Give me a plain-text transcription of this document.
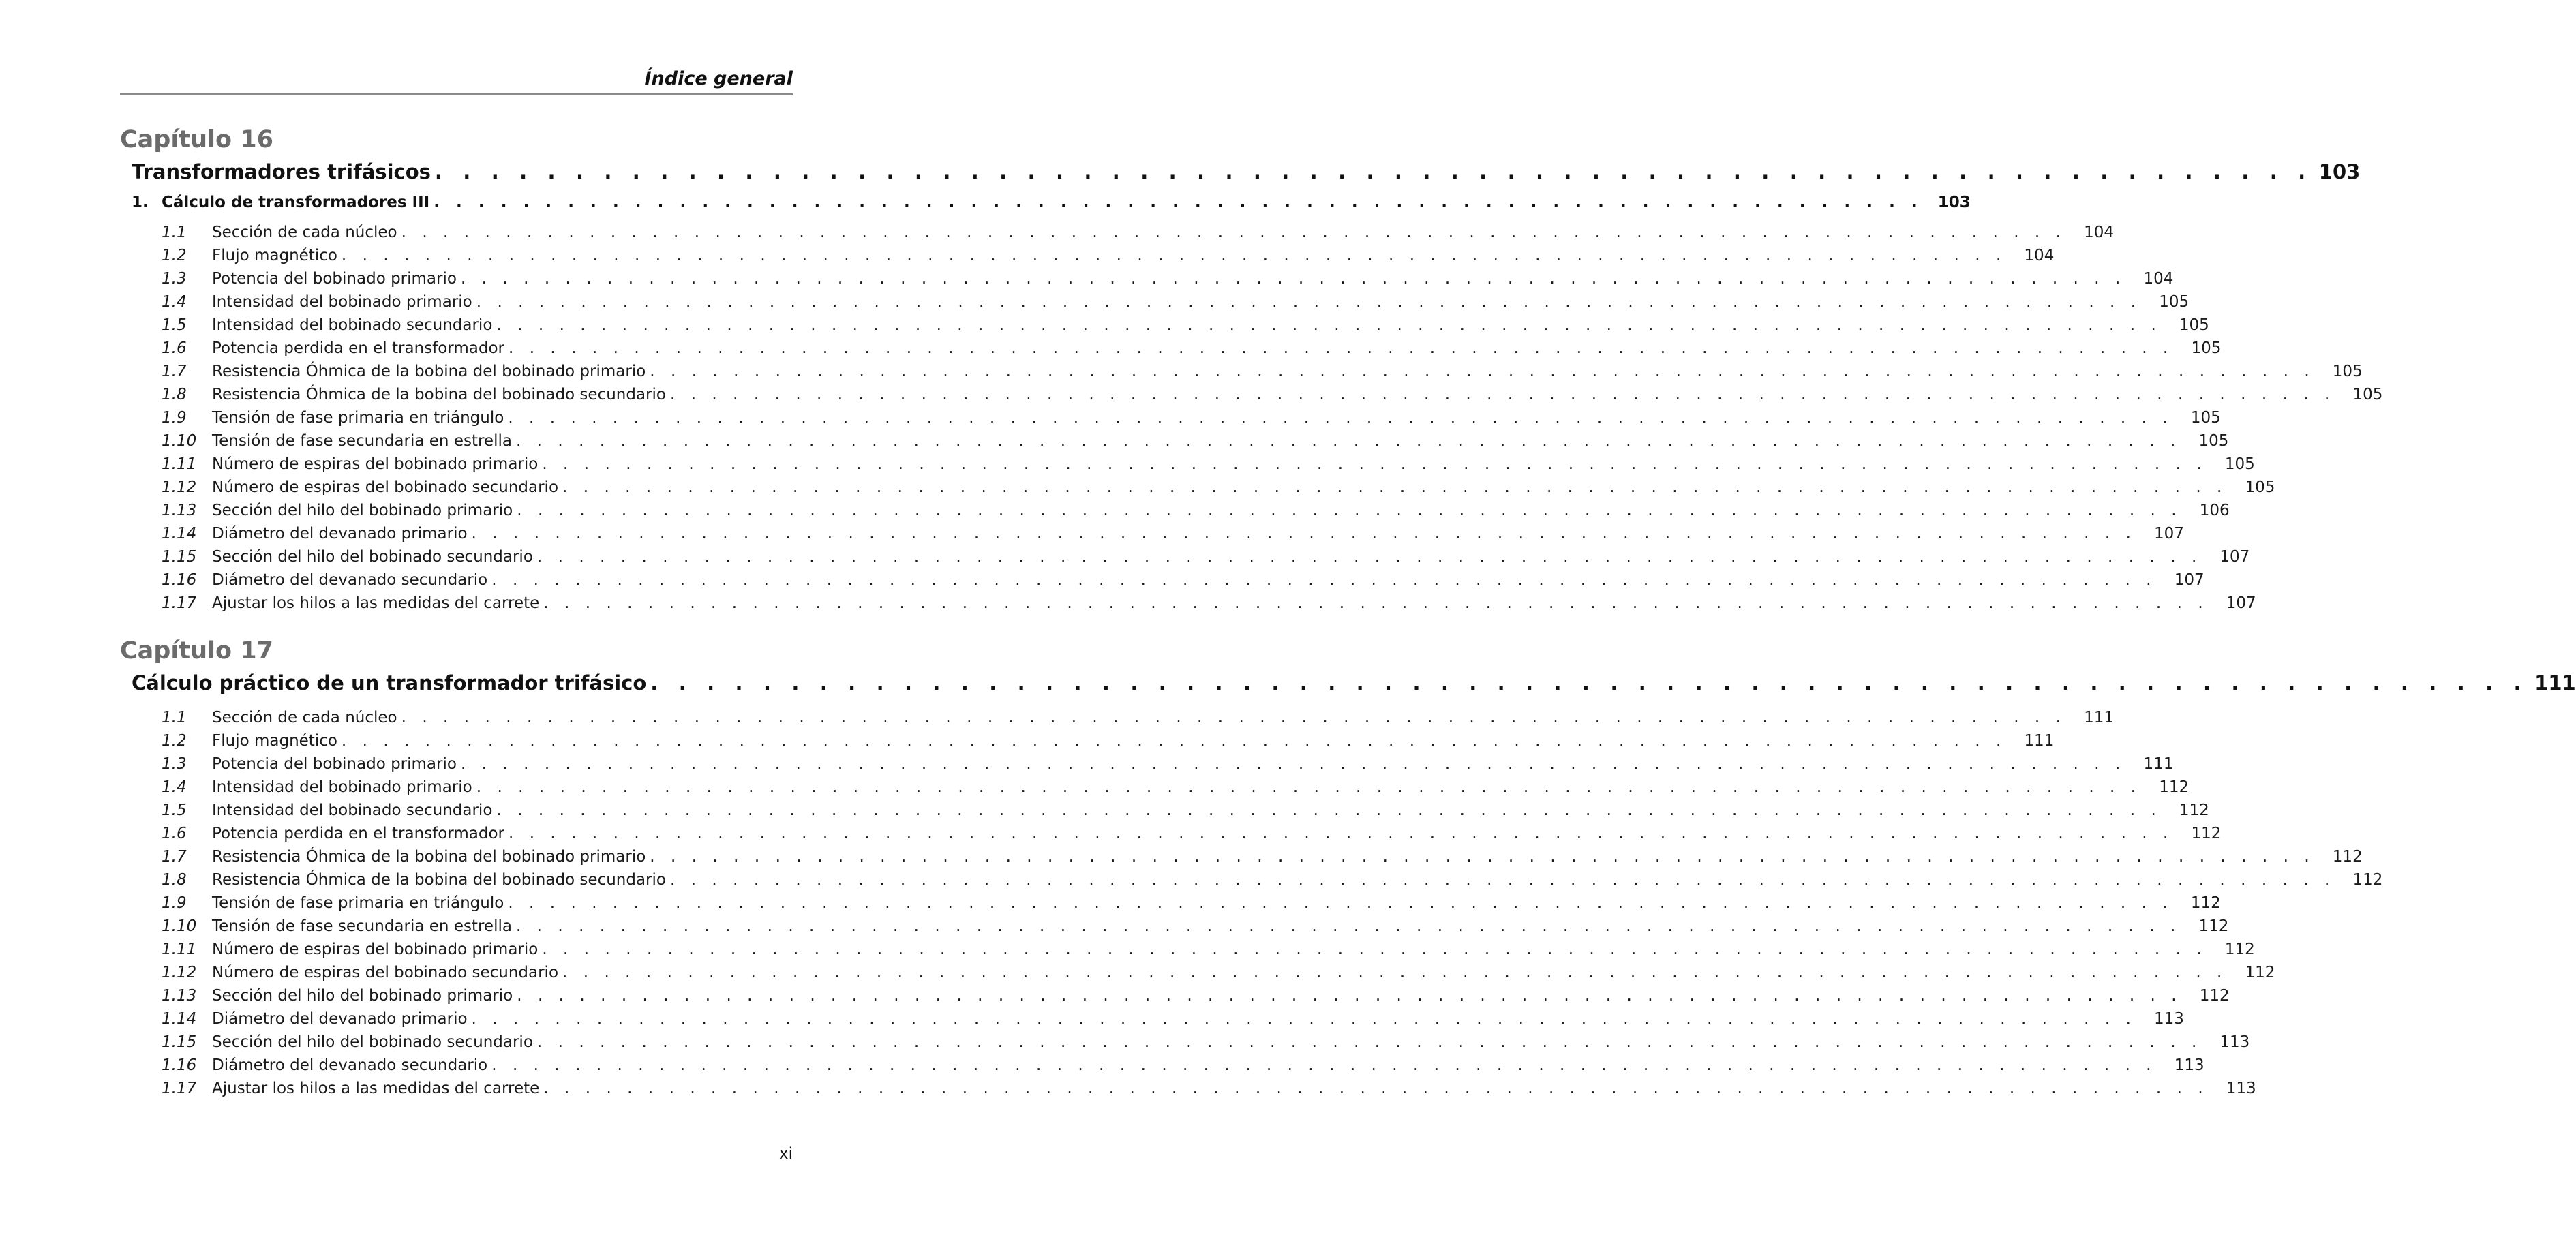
Índice general
Capítulo 16
Transformadores trifásicos . . . . . . . . . . . . . . . . . . . . . . . . . . . . . . . . . . . . . . . . . . . . . . . . . . . . . . . . . . . . . . . . . . . 103
1. Cálculo de transformadores III . . . . . . . . . . . . . . . . . . . . . . . . . . . . . . . . . . . . . . . . . . . . . . . . . . . . . . . . . . . . . . . . . . . 103
1.1 Sección de cada núcleo . . . . . . . . . . . . . . . . . . . . . . . . . . . . . . . . . . . . . . . . . . . . . . . . . . . . . . . . . . . . . . . . . . . . . . . . . . . . . . . .	104
1.2 Flujo magnético . . . . . . . . . . . . . . . . . . . . . . . . . . . . . . . . . . . . . . . . . . . . . . . . . . . . . . . . . . . . . . . . . . . . . . . . . . . . . . . .	104
1.3 Potencia del bobinado primario . . . . . . . . . . . . . . . . . . . . . . . . . . . . . . . . . . . . . . . . . . . . . . . . . . . . . . . . . . . . . . . . . . . . . . . . . . . . . . . .	104
1.4 Intensidad del bobinado primario . . . . . . . . . . . . . . . . . . . . . . . . . . . . . . . . . . . . . . . . . . . . . . . . . . . . . . . . . . . . . . . . . . . . . . . . . . . . . . . .	105
1.5 Intensidad del bobinado secundario . . . . . . . . . . . . . . . . . . . . . . . . . . . . . . . . . . . . . . . . . . . . . . . . . . . . . . . . . . . . . . . . . . . . . . . . . . . . . . . .	105
1.6 Potencia perdida en el transformador . . . . . . . . . . . . . . . . . . . . . . . . . . . . . . . . . . . . . . . . . . . . . . . . . . . . . . . . . . . . . . . . . . . . . . . . . . . . . . . .	105
1.7 Resistencia Óhmica de la bobina del bobinado primario . . . . . . . . . . . . . . . . . . . . . . . . . . . . . . . . . . . . . . . . . . . . . . . . . . . . . . . . . . . . . . . . . . . . . . . . . . . . . . . .	105
1.8 Resistencia Óhmica de la bobina del bobinado secundario . . . . . . . . . . . . . . . . . . . . . . . . . . . . . . . . . . . . . . . . . . . . . . . . . . . . . . . . . . . . . . . . . . . . . . . . . . . . . . . .	105
1.9 Tensión de fase primaria en triángulo . . . . . . . . . . . . . . . . . . . . . . . . . . . . . . . . . . . . . . . . . . . . . . . . . . . . . . . . . . . . . . . . . . . . . . . . . . . . . . . .	105
1.10 Tensión de fase secundaria en estrella . . . . . . . . . . . . . . . . . . . . . . . . . . . . . . . . . . . . . . . . . . . . . . . . . . . . . . . . . . . . . . . . . . . . . . . . . . . . . . . .	105
1.11 Número de espiras del bobinado primario . . . . . . . . . . . . . . . . . . . . . . . . . . . . . . . . . . . . . . . . . . . . . . . . . . . . . . . . . . . . . . . . . . . . . . . . . . . . . . . .	105
1.12 Número de espiras del bobinado secundario . . . . . . . . . . . . . . . . . . . . . . . . . . . . . . . . . . . . . . . . . . . . . . . . . . . . . . . . . . . . . . . . . . . . . . . . . . . . . . . .	105
1.13 Sección del hilo del bobinado primario . . . . . . . . . . . . . . . . . . . . . . . . . . . . . . . . . . . . . . . . . . . . . . . . . . . . . . . . . . . . . . . . . . . . . . . . . . . . . . . .	106
1.14 Diámetro del devanado primario . . . . . . . . . . . . . . . . . . . . . . . . . . . . . . . . . . . . . . . . . . . . . . . . . . . . . . . . . . . . . . . . . . . . . . . . . . . . . . . .	107
1.15 Sección del hilo del bobinado secundario . . . . . . . . . . . . . . . . . . . . . . . . . . . . . . . . . . . . . . . . . . . . . . . . . . . . . . . . . . . . . . . . . . . . . . . . . . . . . . . .	107
1.16 Diámetro del devanado secundario . . . . . . . . . . . . . . . . . . . . . . . . . . . . . . . . . . . . . . . . . . . . . . . . . . . . . . . . . . . . . . . . . . . . . . . . . . . . . . . .	107
1.17 Ajustar los hilos a las medidas del carrete . . . . . . . . . . . . . . . . . . . . . . . . . . . . . . . . . . . . . . . . . . . . . . . . . . . . . . . . . . . . . . . . . . . . . . . . . . . . . . . .	107
Capítulo 17
Cálculo práctico de un transformador trifásico . . . . . . . . . . . . . . . . . . . . . . . . . . . . . . . . . . . . . . . . . . . . . . . . . . . . . . . . . . . . . . . . . . . 111
1.1 Sección de cada núcleo . . . . . . . . . . . . . . . . . . . . . . . . . . . . . . . . . . . . . . . . . . . . . . . . . . . . . . . . . . . . . . . . . . . . . . . . . . . . . . . .	111
1.2 Flujo magnético . . . . . . . . . . . . . . . . . . . . . . . . . . . . . . . . . . . . . . . . . . . . . . . . . . . . . . . . . . . . . . . . . . . . . . . . . . . . . . . .	111
1.3 Potencia del bobinado primario . . . . . . . . . . . . . . . . . . . . . . . . . . . . . . . . . . . . . . . . . . . . . . . . . . . . . . . . . . . . . . . . . . . . . . . . . . . . . . . .	111
1.4 Intensidad del bobinado primario . . . . . . . . . . . . . . . . . . . . . . . . . . . . . . . . . . . . . . . . . . . . . . . . . . . . . . . . . . . . . . . . . . . . . . . . . . . . . . . .	112
1.5 Intensidad del bobinado secundario . . . . . . . . . . . . . . . . . . . . . . . . . . . . . . . . . . . . . . . . . . . . . . . . . . . . . . . . . . . . . . . . . . . . . . . . . . . . . . . .	112
1.6 Potencia perdida en el transformador . . . . . . . . . . . . . . . . . . . . . . . . . . . . . . . . . . . . . . . . . . . . . . . . . . . . . . . . . . . . . . . . . . . . . . . . . . . . . . . .	112
1.7 Resistencia Óhmica de la bobina del bobinado primario . . . . . . . . . . . . . . . . . . . . . . . . . . . . . . . . . . . . . . . . . . . . . . . . . . . . . . . . . . . . . . . . . . . . . . . . . . . . . . . .	112
1.8 Resistencia Óhmica de la bobina del bobinado secundario . . . . . . . . . . . . . . . . . . . . . . . . . . . . . . . . . . . . . . . . . . . . . . . . . . . . . . . . . . . . . . . . . . . . . . . . . . . . . . . .	112
1.9 Tensión de fase primaria en triángulo . . . . . . . . . . . . . . . . . . . . . . . . . . . . . . . . . . . . . . . . . . . . . . . . . . . . . . . . . . . . . . . . . . . . . . . . . . . . . . . .	112
1.10 Tensión de fase secundaria en estrella . . . . . . . . . . . . . . . . . . . . . . . . . . . . . . . . . . . . . . . . . . . . . . . . . . . . . . . . . . . . . . . . . . . . . . . . . . . . . . . .	112
1.11 Número de espiras del bobinado primario . . . . . . . . . . . . . . . . . . . . . . . . . . . . . . . . . . . . . . . . . . . . . . . . . . . . . . . . . . . . . . . . . . . . . . . . . . . . . . . .	112
1.12 Número de espiras del bobinado secundario . . . . . . . . . . . . . . . . . . . . . . . . . . . . . . . . . . . . . . . . . . . . . . . . . . . . . . . . . . . . . . . . . . . . . . . . . . . . . . . .	112
1.13 Sección del hilo del bobinado primario . . . . . . . . . . . . . . . . . . . . . . . . . . . . . . . . . . . . . . . . . . . . . . . . . . . . . . . . . . . . . . . . . . . . . . . . . . . . . . . .	112
1.14 Diámetro del devanado primario . . . . . . . . . . . . . . . . . . . . . . . . . . . . . . . . . . . . . . . . . . . . . . . . . . . . . . . . . . . . . . . . . . . . . . . . . . . . . . . .	113
1.15 Sección del hilo del bobinado secundario . . . . . . . . . . . . . . . . . . . . . . . . . . . . . . . . . . . . . . . . . . . . . . . . . . . . . . . . . . . . . . . . . . . . . . . . . . . . . . . .	113
1.16 Diámetro del devanado secundario . . . . . . . . . . . . . . . . . . . . . . . . . . . . . . . . . . . . . . . . . . . . . . . . . . . . . . . . . . . . . . . . . . . . . . . . . . . . . . . .	113
1.17 Ajustar los hilos a las medidas del carrete . . . . . . . . . . . . . . . . . . . . . . . . . . . . . . . . . . . . . . . . . . . . . . . . . . . . . . . . . . . . . . . . . . . . . . . . . . . . . . . .	113
xi
